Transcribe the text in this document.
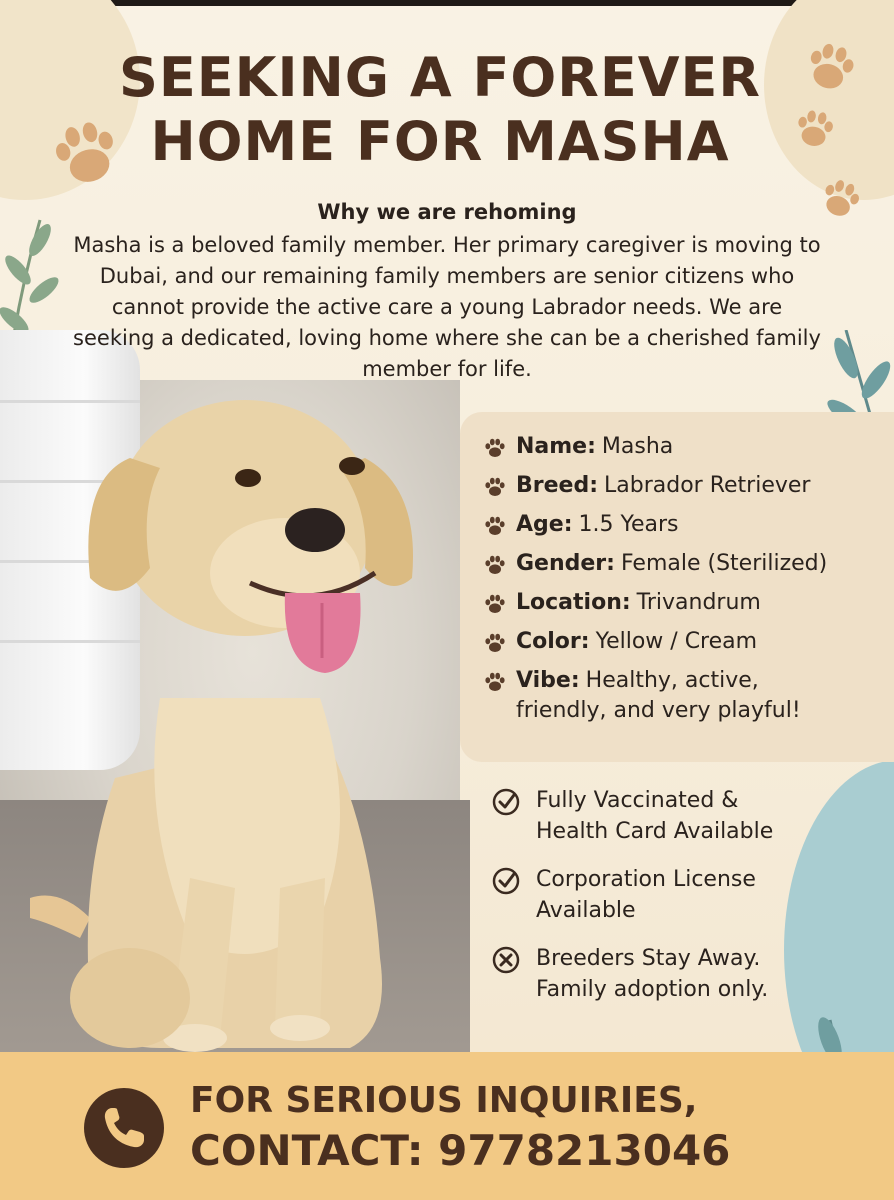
SEEKING A FOREVER
HOME FOR MASHA
Why we are rehoming

Masha is a beloved family member. Her primary caregiver is moving to Dubai, and our remaining family members are senior citizens who cannot provide the active care a young Labrador needs. We are seeking a dedicated, loving home where she can be a cherished family member for life.

Name: Masha
Breed: Labrador Retriever
Age: 1.5 Years
Gender: Female (Sterilized)
Location: Trivandrum
Color: Yellow / Cream
Vibe: Healthy, active,
friendly, and very playful!
Fully Vaccinated &
Health Card Available
Corporation License
Available
Breeders Stay Away.
Family adoption only.
FOR SERIOUS INQUIRIES,
CONTACT: 9778213046
